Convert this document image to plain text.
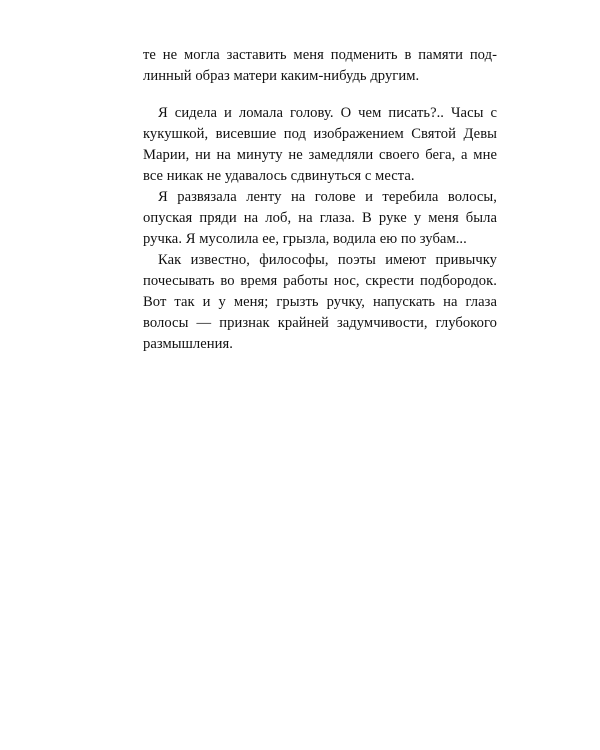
те не могла заставить меня подменить в памяти под-
линный образ матери каким-нибудь другим.
Я сидела и ломала голову. О чем писать?.. Часы с
кукушкой, висевшие под изображением Святой Девы
Марии, ни на минуту не замедляли своего бега, а мне
все никак не удавалось сдвинуться с места.
Я развязала ленту на голове и теребила волосы,
опуская пряди на лоб, на глаза. В руке у меня была
ручка. Я мусолила ее, грызла, водила ею по зубам...
Как известно, философы, поэты имеют привычку
почесывать во время работы нос, скрести подбородок.
Вот так и у меня; грызть ручку, напускать на глаза
волосы — признак крайней задумчивости, глубокого
размышления.
